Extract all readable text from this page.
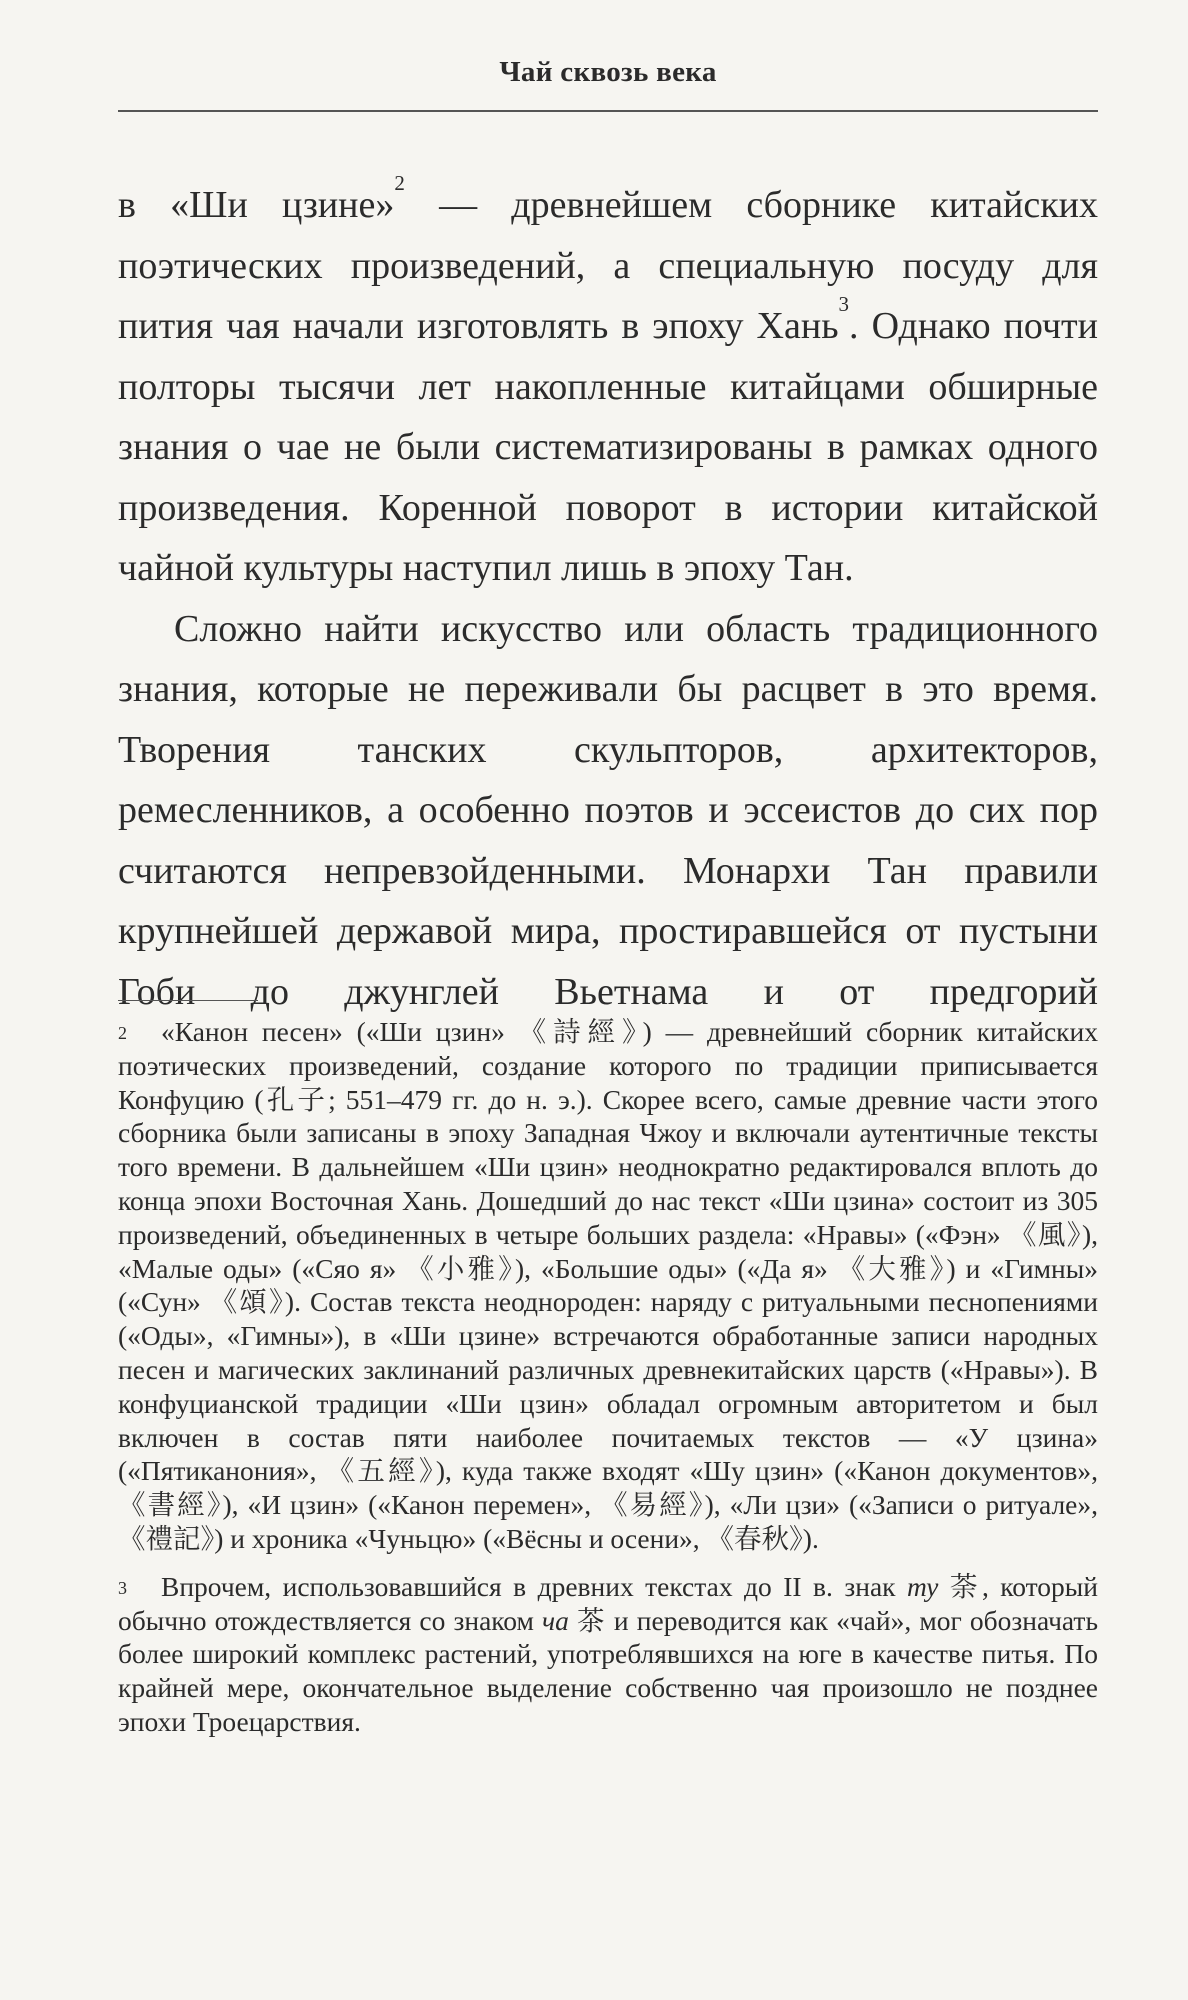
Чай сквозь века

в «Ши цзине»$^2$ — древнейшем сборнике китайских поэтических произведений, а специальную посуду для пития чая начали изготовлять в эпоху Хань$^3$. Однако почти полторы тысячи лет накопленные китайцами обширные знания о чае не были систематизированы в рамках одного произведения. Коренной поворот в истории китайской чайной культуры наступил лишь в эпоху Тан.

Сложно найти искусство или область традиционного знания, которые не переживали бы расцвет в это время. Творения танских скульпторов, архитекторов, ремесленников, а особенно поэтов и эссеистов до сих пор считаются непревзойденными. Монархи Тан правили крупнейшей державой мира, простиравшейся от пустыни Гоби до джунглей Вьетнама и от предгорий

$^2$ «Канон песен» («Ши цзин» 《詩經》) — древнейший сборник китайских поэтических произведений, создание которого по традиции приписывается Конфуцию (孔子; 551–479 гг. до н. э.). Скорее всего, самые древние части этого сборника были записаны в эпоху Западная Чжоу и включали аутентичные тексты того времени. В дальнейшем «Ши цзин» неоднократно редактировался вплоть до конца эпохи Восточная Хань. Дошедший до нас текст «Ши цзина» состоит из 305 произведений, объединенных в четыре больших раздела: «Нравы» («Фэн» 《風》), «Малые оды» («Сяо я» 《小雅》), «Большие оды» («Да я» 《大雅》) и «Гимны» («Сун» 《頌》). Состав текста неоднороден: наряду с ритуальными песнопениями («Оды», «Гимны»), в «Ши цзине» встречаются обработанные записи народных песен и магических заклинаний различных древнекитайских царств («Нравы»). В конфуцианской традиции «Ши цзин» обладал огромным авторитетом и был включен в состав пяти наиболее почитаемых текстов — «У цзина» («Пятиканония», 《五經》), куда также входят «Шу цзин» («Канон документов», 《書經》), «И цзин» («Канон перемен», 《易經》), «Ли цзи» («Записи о ритуале», 《禮記》) и хроника «Чуньцю» («Вёсны и осени», 《春秋》).

$^3$ Впрочем, использовавшийся в древних текстах до II в. знак ту 荼, который обычно отождествляется со знаком ча 茶 и переводится как «чай», мог обозначать более широкий комплекс растений, употреблявшихся на юге в качестве питья. По крайней мере, окончательное выделение собственно чая произошло не позднее эпохи Троецарствия.
